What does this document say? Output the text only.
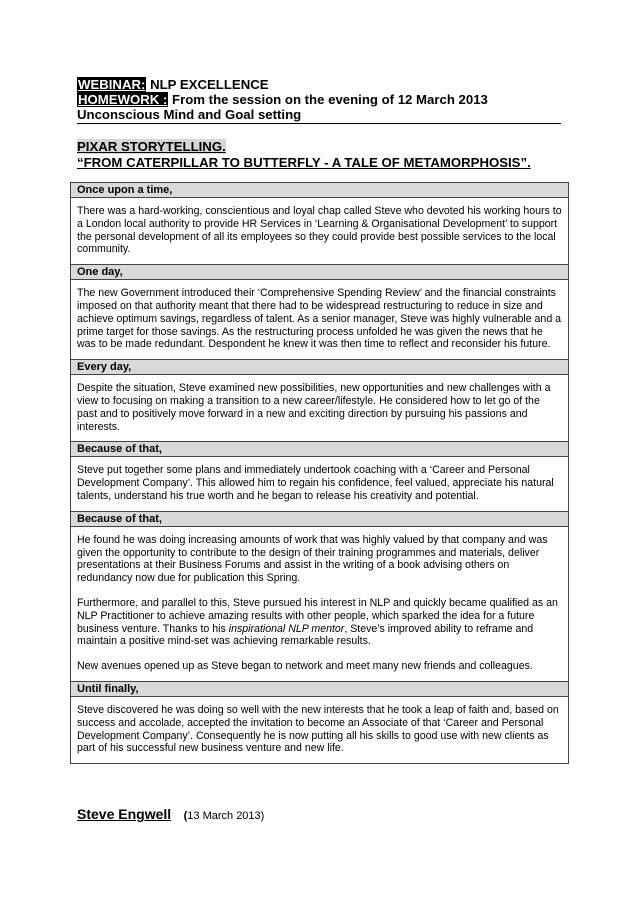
WEBINAR: NLP EXCELLENCE
HOMEWORK : From the session on the evening of 12 March 2013
Unconscious Mind and Goal setting
PIXAR STORYTELLING.
“FROM CATERPILLAR TO BUTTERFLY - A TALE OF METAMORPHOSIS”.
Once upon a time,

There was a hard-working, conscientious and loyal chap called Steve who devoted his working hours to a London local authority to provide HR Services in ‘Learning & Organisational Development’ to support the personal development of all its employees so they could provide best possible services to the local community.

One day,

The new Government introduced their ‘Comprehensive Spending Review’ and the financial constraints imposed on that authority meant that there had to be widespread restructuring to reduce in size and achieve optimum savings, regardless of talent. As a senior manager, Steve was highly vulnerable and a prime target for those savings. As the restructuring process unfolded he was given the news that he was to be made redundant. Despondent he knew it was then time to reflect and reconsider his future.

Every day,

Despite the situation, Steve examined new possibilities, new opportunities and new challenges with a view to focusing on making a transition to a new career/lifestyle. He considered how to let go of the past and to positively move forward in a new and exciting direction by pursuing his passions and interests.

Because of that,

Steve put together some plans and immediately undertook coaching with a ‘Career and Personal Development Company’. This allowed him to regain his confidence, feel valued, appreciate his natural talents, understand his true worth and he began to release his creativity and potential.

Because of that,

He found he was doing increasing amounts of work that was highly valued by that company and was given the opportunity to contribute to the design of their training programmes and materials, deliver presentations at their Business Forums and assist in the writing of a book advising others on redundancy now due for publication this Spring.

Furthermore, and parallel to this, Steve pursued his interest in NLP and quickly became qualified as an NLP Practitioner to achieve amazing results with other people, which sparked the idea for a future business venture. Thanks to his inspirational NLP mentor, Steve’s improved ability to reframe and maintain a positive mind-set was achieving remarkable results.

New avenues opened up as Steve began to network and meet many new friends and colleagues.

Until finally,

Steve discovered he was doing so well with the new interests that he took a leap of faith and, based on success and accolade, accepted the invitation to become an Associate of that ‘Career and Personal Development Company’. Consequently he is now putting all his skills to good use with new clients as part of his successful new business venture and new life.

Steve Engwell (13 March 2013)
